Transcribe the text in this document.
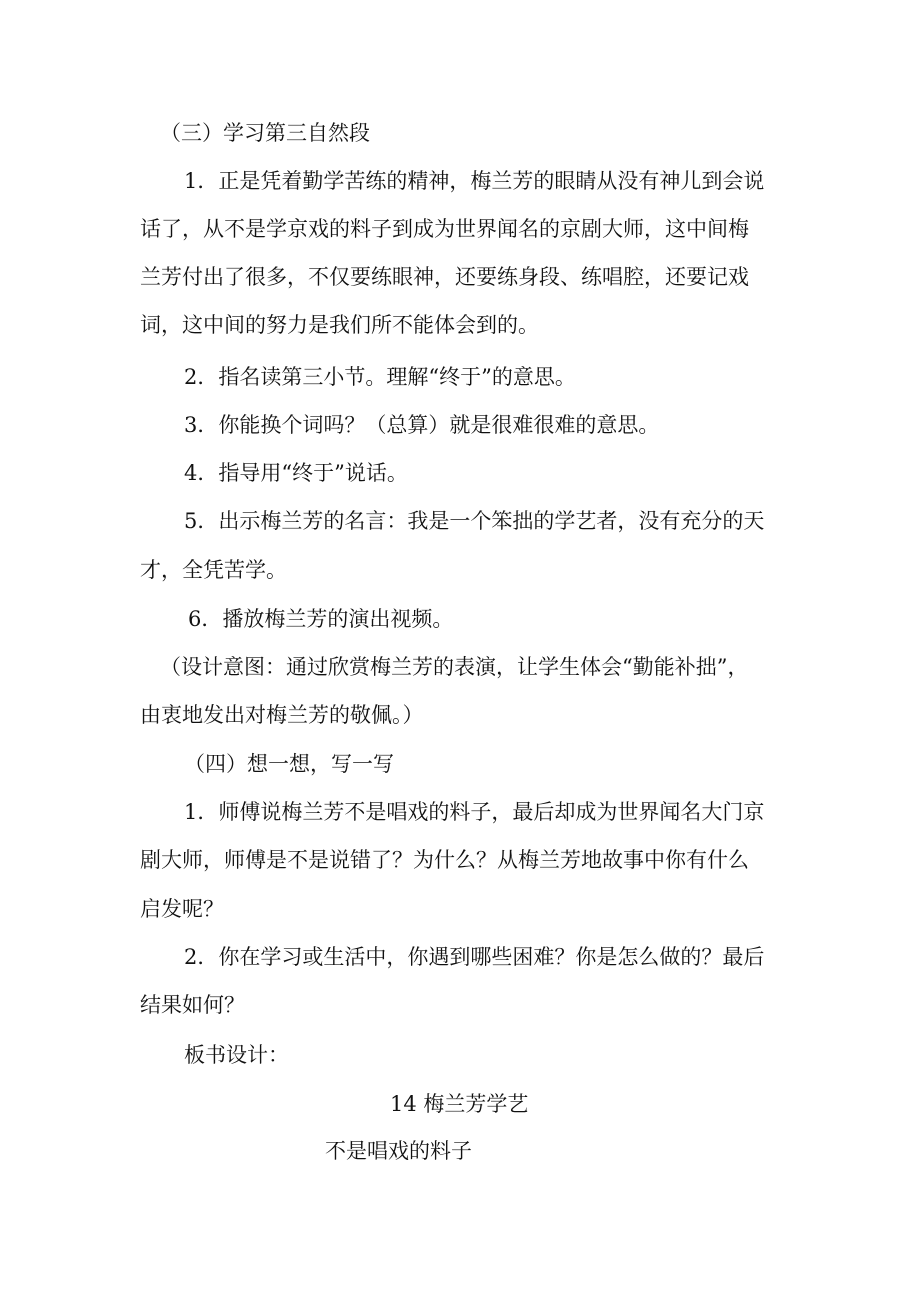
（三）学习第三自然段
1．正是凭着勤学苦练的精神，梅兰芳的眼睛从没有神儿到会说
话了，从不是学京戏的料子到成为世界闻名的京剧大师，这中间梅
兰芳付出了很多，不仅要练眼神，还要练身段、练唱腔，还要记戏
词，这中间的努力是我们所不能体会到的。
2．指名读第三小节。理解“终于”的意思。
3．你能换个词吗？（总算）就是很难很难的意思。
4．指导用“终于”说话。
5．出示梅兰芳的名言：我是一个笨拙的学艺者，没有充分的天
才，全凭苦学。
6．播放梅兰芳的演出视频。
（设计意图：通过欣赏梅兰芳的表演，让学生体会“勤能补拙”，
由衷地发出对梅兰芳的敬佩。）
（四）想一想，写一写
1．师傅说梅兰芳不是唱戏的料子，最后却成为世界闻名大门京
剧大师，师傅是不是说错了？为什么？从梅兰芳地故事中你有什么
启发呢？
2．你在学习或生活中，你遇到哪些困难？你是怎么做的？最后
结果如何？
板书设计：
14 梅兰芳学艺
不是唱戏的料子
